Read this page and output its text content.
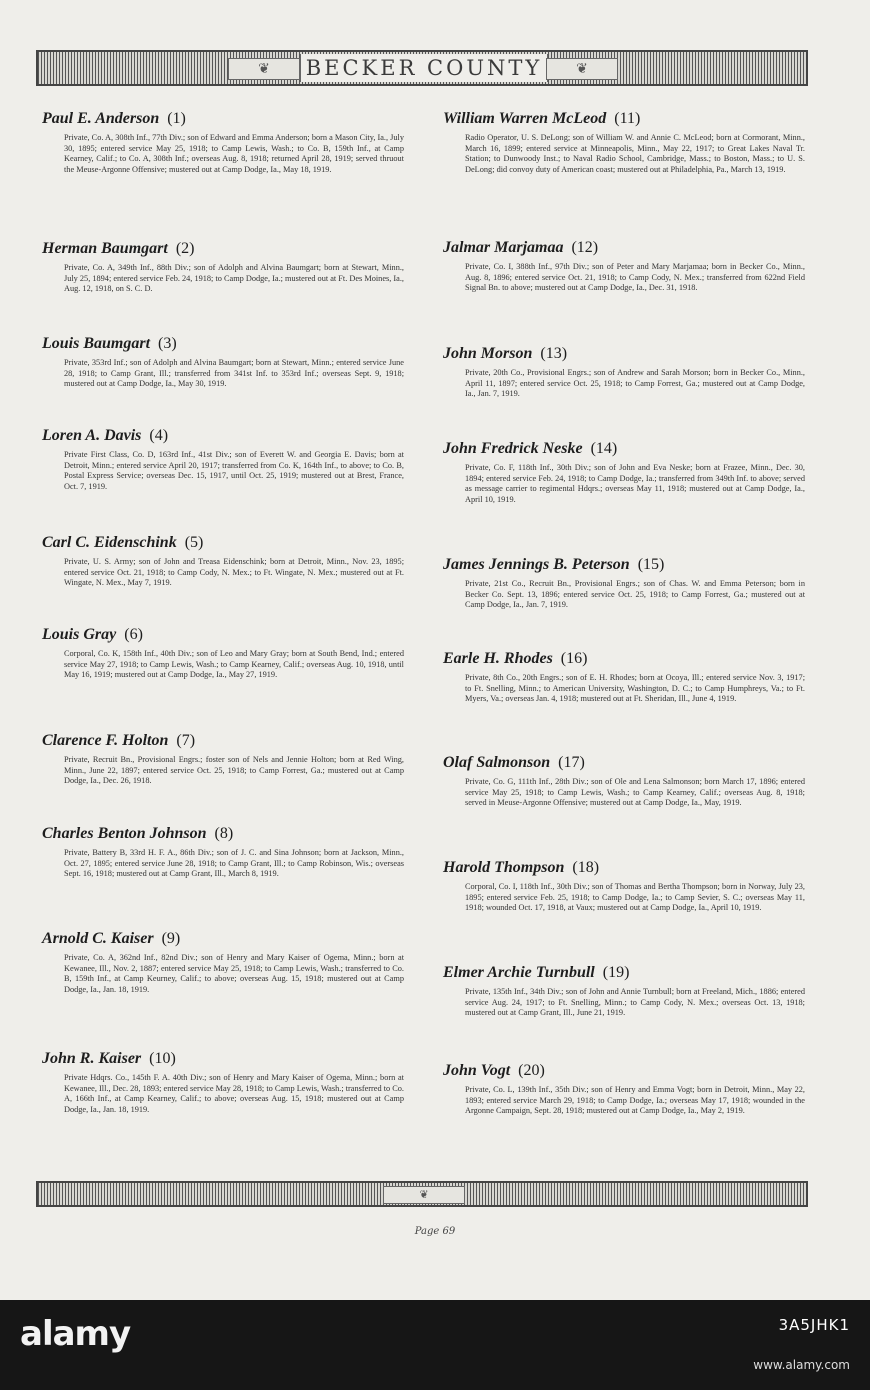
❦	BECKER COUNTY	❦
Paul E. Anderson (1)
Private, Co. A, 308th Inf., 77th Div.; son of Edward and Emma Anderson; born a Mason City, Ia., July 30, 1895; entered service May 25, 1918; to Camp Lewis, Wash.; to Co. B, 159th Inf., at Camp Kearney, Calif.; to Co. A, 308th Inf.; overseas Aug. 8, 1918; returned April 28, 1919; served thruout the Meuse-Argonne Offensive; mustered out at Camp Dodge, Ia., May 18, 1919.
Herman Baumgart (2)
Private, Co. A, 349th Inf., 88th Div.; son of Adolph and Alvina Baumgart; born at Stewart, Minn., July 25, 1894; entered service Feb. 24, 1918; to Camp Dodge, Ia.; mustered out at Ft. Des Moines, Ia., Aug. 12, 1918, on S. C. D.
Louis Baumgart (3)
Private, 353rd Inf.; son of Adolph and Alvina Baumgart; born at Stewart, Minn.; entered service June 28, 1918; to Camp Grant, Ill.; transferred from 341st Inf. to 353rd Inf.; overseas Sept. 9, 1918; mustered out at Camp Dodge, Ia., May 30, 1919.
Loren A. Davis (4)
Private First Class, Co. D, 163rd Inf., 41st Div.; son of Everett W. and Georgia E. Davis; born at Detroit, Minn.; entered service April 20, 1917; transferred from Co. K, 164th Inf., to above; to Co. B, Postal Express Service; overseas Dec. 15, 1917, until Oct. 25, 1919; mustered out at Brest, France, Oct. 7, 1919.
Carl C. Eidenschink (5)
Private, U. S. Army; son of John and Treasa Eidenschink; born at Detroit, Minn., Nov. 23, 1895; entered service Oct. 21, 1918; to Camp Cody, N. Mex.; to Ft. Wingate, N. Mex.; mustered out at Ft. Wingate, N. Mex., May 7, 1919.
Louis Gray (6)
Corporal, Co. K, 158th Inf., 40th Div.; son of Leo and Mary Gray; born at South Bend, Ind.; entered service May 27, 1918; to Camp Lewis, Wash.; to Camp Kearney, Calif.; overseas Aug. 10, 1918, until May 16, 1919; mustered out at Camp Dodge, Ia., May 27, 1919.
Clarence F. Holton (7)
Private, Recruit Bn., Provisional Engrs.; foster son of Nels and Jennie Holton; born at Red Wing, Minn., June 22, 1897; entered service Oct. 25, 1918; to Camp Forrest, Ga.; mustered out at Camp Dodge, Ia., Dec. 26, 1918.
Charles Benton Johnson (8)
Private, Battery B, 33rd H. F. A., 86th Div.; son of J. C. and Sina Johnson; born at Jackson, Minn., Oct. 27, 1895; entered service June 28, 1918; to Camp Grant, Ill.; to Camp Robinson, Wis.; overseas Sept. 16, 1918; mustered out at Camp Grant, Ill., March 8, 1919.
Arnold C. Kaiser (9)
Private, Co. A, 362nd Inf., 82nd Div.; son of Henry and Mary Kaiser of Ogema, Minn.; born at Kewanee, Ill., Nov. 2, 1887; entered service May 25, 1918; to Camp Lewis, Wash.; transferred to Co. B, 159th Inf., at Camp Keurney, Calif.; to above; overseas Aug. 15, 1918; mustered out at Camp Dodge, Ia., Jan. 18, 1919.
John R. Kaiser (10)
Private Hdqrs. Co., 145th F. A. 40th Div.; son of Henry and Mary Kaiser of Ogema, Minn.; born at Kewanee, Ill., Dec. 28, 1893; entered service May 28, 1918; to Camp Lewis, Wash.; transferred to Co. A, 166th Inf., at Camp Kearney, Calif.; to above; overseas Aug. 15, 1918; mustered out at Camp Dodge, Ia., Jan. 18, 1919.
William Warren McLeod (11)
Radio Operator, U. S. DeLong; son of William W. and Annie C. McLeod; born at Cormorant, Minn., March 16, 1899; entered service at Minneapolis, Minn., May 22, 1917; to Great Lakes Naval Tr. Station; to Dunwoody Inst.; to Naval Radio School, Cambridge, Mass.; to Boston, Mass.; to U. S. DeLong; did convoy duty of American coast; mustered out at Philadelphia, Pa., March 13, 1919.
Jalmar Marjamaa (12)
Private, Co. I, 388th Inf., 97th Div.; son of Peter and Mary Marjamaa; born in Becker Co., Minn., Aug. 8, 1896; entered service Oct. 21, 1918; to Camp Cody, N. Mex.; transferred from 622nd Field Signal Bn. to above; mustered out at Camp Dodge, Ia., Dec. 31, 1918.
John Morson (13)
Private, 20th Co., Provisional Engrs.; son of Andrew and Sarah Morson; born in Becker Co., Minn., April 11, 1897; entered service Oct. 25, 1918; to Camp Forrest, Ga.; mustered out at Camp Dodge, Ia., Jan. 7, 1919.
John Fredrick Neske (14)
Private, Co. F, 118th Inf., 30th Div.; son of John and Eva Neske; born at Frazee, Minn., Dec. 30, 1894; entered service Feb. 24, 1918; to Camp Dodge, Ia.; transferred from 349th Inf. to above; served as message carrier to regimental Hdqrs.; overseas May 11, 1918; mustered out at Camp Dodge, Ia., April 10, 1919.
James Jennings B. Peterson (15)
Private, 21st Co., Recruit Bn., Provisional Engrs.; son of Chas. W. and Emma Peterson; born in Becker Co. Sept. 13, 1896; entered service Oct. 25, 1918; to Camp Forrest, Ga.; mustered out at Camp Dodge, Ia., Jan. 7, 1919.
Earle H. Rhodes (16)
Private, 8th Co., 20th Engrs.; son of E. H. Rhodes; born at Ocoya, Ill.; entered service Nov. 3, 1917; to Ft. Snelling, Minn.; to American University, Washington, D. C.; to Camp Humphreys, Va.; to Ft. Myers, Va.; overseas Jan. 4, 1918; mustered out at Ft. Sheridan, Ill., June 4, 1919.
Olaf Salmonson (17)
Private, Co. G, 111th Inf., 28th Div.; son of Ole and Lena Salmonson; born March 17, 1896; entered service May 25, 1918; to Camp Lewis, Wash.; to Camp Kearney, Calif.; overseas Aug. 8, 1918; served in Meuse-Argonne Offensive; mustered out at Camp Dodge, Ia., May, 1919.
Harold Thompson (18)
Corporal, Co. I, 118th Inf., 30th Div.; son of Thomas and Bertha Thompson; born in Norway, July 23, 1895; entered service Feb. 25, 1918; to Camp Dodge, Ia.; to Camp Sevier, S. C.; overseas May 11, 1918; wounded Oct. 17, 1918, at Vaux; mustered out at Camp Dodge, Ia., April 10, 1919.
Elmer Archie Turnbull (19)
Private, 135th Inf., 34th Div.; son of John and Annie Turnbull; born at Freeland, Mich., 1886; entered service Aug. 24, 1917; to Ft. Snelling, Minn.; to Camp Cody, N. Mex.; overseas Oct. 13, 1918; mustered out at Camp Grant, Ill., June 21, 1919.
John Vogt (20)
Private, Co. L, 139th Inf., 35th Div.; son of Henry and Emma Vogt; born in Detroit, Minn., May 22, 1893; entered service March 29, 1918; to Camp Dodge, Ia.; overseas May 17, 1918; wounded in the Argonne Campaign, Sept. 28, 1918; mustered out at Camp Dodge, Ia., May 2, 1919.
❦
Page 69
alamy	3A5JHK1
www.alamy.com
